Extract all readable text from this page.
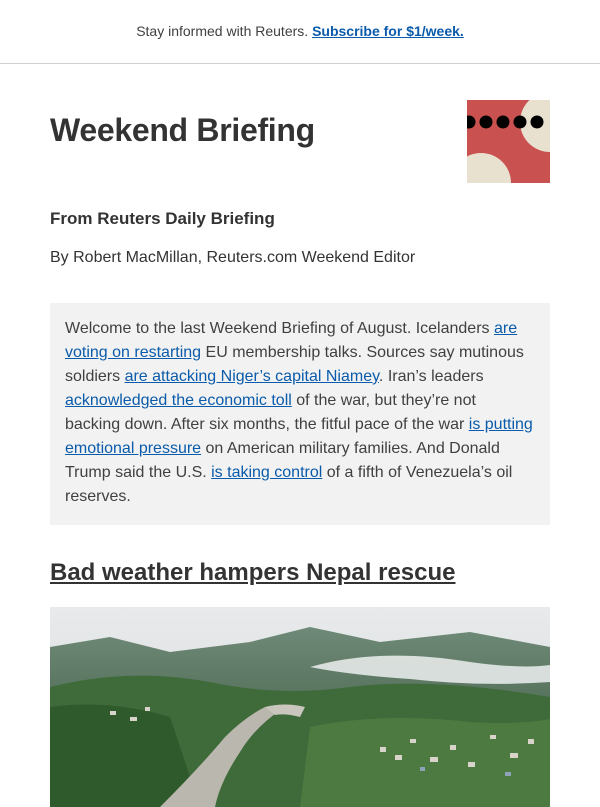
Stay informed with Reuters. Subscribe for $1/week.
Weekend Briefing

From Reuters Daily Briefing

By Robert MacMillan, Reuters.com Weekend Editor

Welcome to the last Weekend Briefing of August. Icelanders are voting on restarting EU membership talks. Sources say mutinous soldiers are attacking Niger’s capital Niamey. Iran’s leaders acknowledged the economic toll of the war, but they’re not backing down. After six months, the fitful pace of the war is putting emotional pressure on American military families. And Donald Trump said the U.S. is taking control of a fifth of Venezuela’s oil reserves.
Bad weather hampers Nepal rescue
